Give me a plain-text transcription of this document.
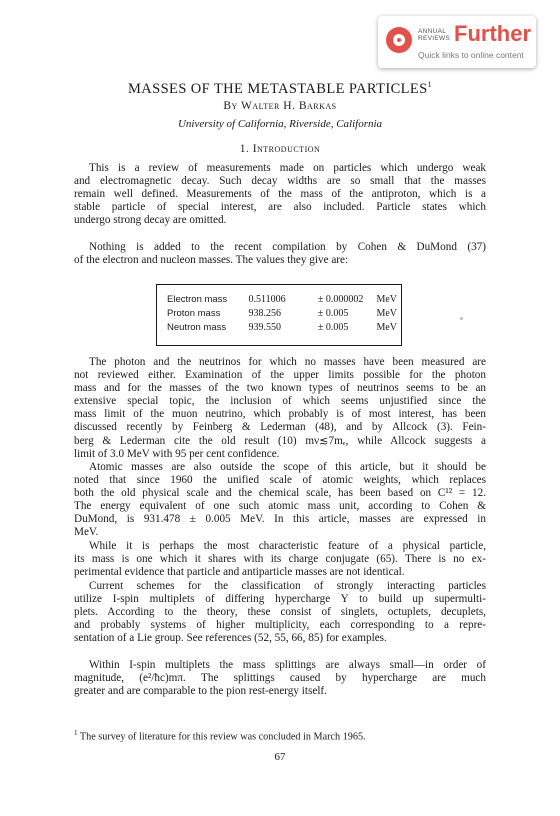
ANNUAL
REVIEWS Further
Quick links to online content
MASSES OF THE METASTABLE PARTICLES$^1$
By Walter H. Barkas
University of California, Riverside, California
1. Introduction

This is a review of measurements made on particles which undergo weak
and electromagnetic decay. Such decay widths are so small that the masses
remain well defined. Measurements of the mass of the antiproton, which is a
stable particle of special interest, are also included. Particle states which
undergo strong decay are omitted.

Nothing is added to the recent compilation by Cohen & DuMond (37)
of the electron and nucleon masses. The values they give are:

Electron mass	0.511006	± 0.000002	MeV
Proton mass	938.256	± 0.005	MeV
Neutron mass	939.550	± 0.005	MeV

The photon and the neutrinos for which no masses have been measured are
not reviewed either. Examination of the upper limits possible for the photon
mass and for the masses of the two known types of neutrinos seems to be an
extensive special topic, the inclusion of which seems unjustified since the
mass limit of the muon neutrino, which probably is of most interest, has been
discussed recently by Feinberg & Lederman (48), and by Allcock (3). Fein-
berg & Lederman cite the old result (10) mν≲7mₑ, while Allcock suggests a
limit of 3.0 MeV with 95 per cent confidence.

Atomic masses are also outside the scope of this article, but it should be
noted that since 1960 the unified scale of atomic weights, which replaces
both the old physical scale and the chemical scale, has been based on C¹² = 12.
The energy equivalent of one such atomic mass unit, according to Cohen &
DuMond, is 931.478 ± 0.005 MeV. In this article, masses are expressed in
MeV.

While it is perhaps the most characteristic feature of a physical particle,
its mass is one which it shares with its charge conjugate (65). There is no ex-
perimental evidence that particle and antiparticle masses are not identical.

Current schemes for the classification of strongly interacting particles
utilize I-spin multiplets of differing hypercharge Y to build up supermulti-
plets. According to the theory, these consist of singlets, octuplets, decuplets,
and probably systems of higher multiplicity, each corresponding to a repre-
sentation of a Lie group. See references (52, 55, 66, 85) for examples.

Within I-spin multiplets the mass splittings are always small—in order of
magnitude, (e²/ħc)mπ. The splittings caused by hypercharge are much
greater and are comparable to the pion rest-energy itself.

$^1$ The survey of literature for this review was concluded in March 1965.
67
